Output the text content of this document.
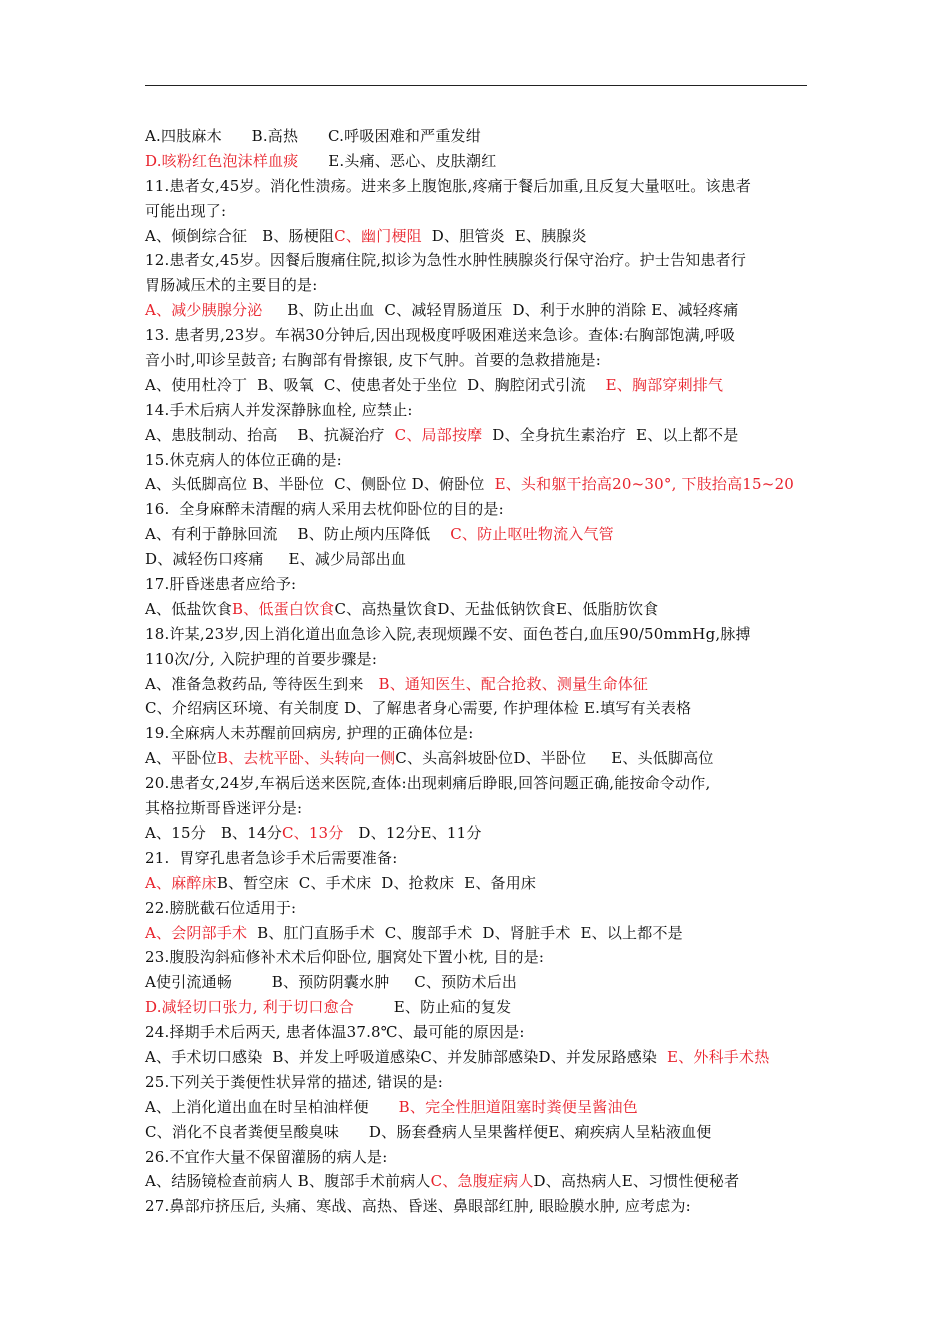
A.四肢麻木      B.高热      C.呼吸困难和严重发绀
D.咳粉红色泡沫样血痰      E.头痛、恶心、皮肤潮红
11.患者女,45岁。消化性溃疡。进来多上腹饱胀,疼痛于餐后加重,且反复大量呕吐。该患者
可能出现了:
A、倾倒综合征   B、肠梗阻C、幽门梗阻  D、胆管炎  E、胰腺炎
12.患者女,45岁。因餐后腹痛住院,拟诊为急性水肿性胰腺炎行保守治疗。护士告知患者行
胃肠减压术的主要目的是:
A、减少胰腺分泌     B、防止出血  C、减轻胃肠道压  D、利于水肿的消除 E、减轻疼痛
13. 患者男,23岁。车祸30分钟后,因出现极度呼吸困难送来急诊。查体:右胸部饱满,呼吸
音小时,叩诊呈鼓音; 右胸部有骨擦银, 皮下气肿。首要的急救措施是:
A、使用杜冷丁  B、吸氧  C、使患者处于坐位  D、胸腔闭式引流    E、胸部穿刺排气
14.手术后病人并发深静脉血栓, 应禁止:
A、患肢制动、抬高    B、抗凝治疗  C、局部按摩  D、全身抗生素治疗  E、以上都不是
15.休克病人的体位正确的是:
A、头低脚高位 B、半卧位  C、侧卧位 D、俯卧位  E、头和躯干抬高20~30°, 下肢抬高15~20
16.  全身麻醉未清醒的病人采用去枕仰卧位的目的是:
A、有利于静脉回流    B、防止颅内压降低    C、防止呕吐物流入气管
D、减轻伤口疼痛     E、减少局部出血
17.肝昏迷患者应给予:
A、低盐饮食B、低蛋白饮食C、高热量饮食D、无盐低钠饮食E、低脂肪饮食
18.许某,23岁,因上消化道出血急诊入院,表现烦躁不安、面色苍白,血压90/50mmHg,脉搏
110次/分, 入院护理的首要步骤是:
A、准备急救药品, 等待医生到来   B、通知医生、配合抢救、测量生命体征
C、介绍病区环境、有关制度 D、了解患者身心需要, 作护理体检 E.填写有关表格
19.全麻病人未苏醒前回病房, 护理的正确体位是:
A、平卧位B、去枕平卧、头转向一侧C、头高斜坡卧位D、半卧位     E、头低脚高位
20.患者女,24岁,车祸后送来医院,查体:出现刺痛后睁眼,回答问题正确,能按命令动作,
其格拉斯哥昏迷评分是:
A、15分   B、14分C、13分   D、12分E、11分
21.  胃穿孔患者急诊手术后需要准备:
A、麻醉床B、暂空床  C、手术床  D、抢救床  E、备用床
22.膀胱截石位适用于:
A、会阴部手术  B、肛门直肠手术  C、腹部手术  D、肾脏手术  E、以上都不是
23.腹股沟斜疝修补术术后仰卧位, 腘窝处下置小枕, 目的是:
A使引流通畅        B、预防阴囊水肿     C、预防术后出
D.减轻切口张力, 利于切口愈合        E、防止疝的复发
24.择期手术后两天, 患者体温37.8℃、最可能的原因是:
A、手术切口感染  B、并发上呼吸道感染C、并发肺部感染D、并发尿路感染  E、外科手术热
25.下列关于粪便性状异常的描述, 错误的是:
A、上消化道出血在时呈柏油样便      B、完全性胆道阻塞时粪便呈酱油色
C、消化不良者粪便呈酸臭味      D、肠套叠病人呈果酱样便E、痢疾病人呈粘液血便
26.不宜作大量不保留灌肠的病人是:
A、结肠镜检查前病人 B、腹部手术前病人C、急腹症病人D、高热病人E、习惯性便秘者
27.鼻部疖挤压后, 头痛、寒战、高热、昏迷、鼻眼部红肿, 眼睑膜水肿, 应考虑为:
